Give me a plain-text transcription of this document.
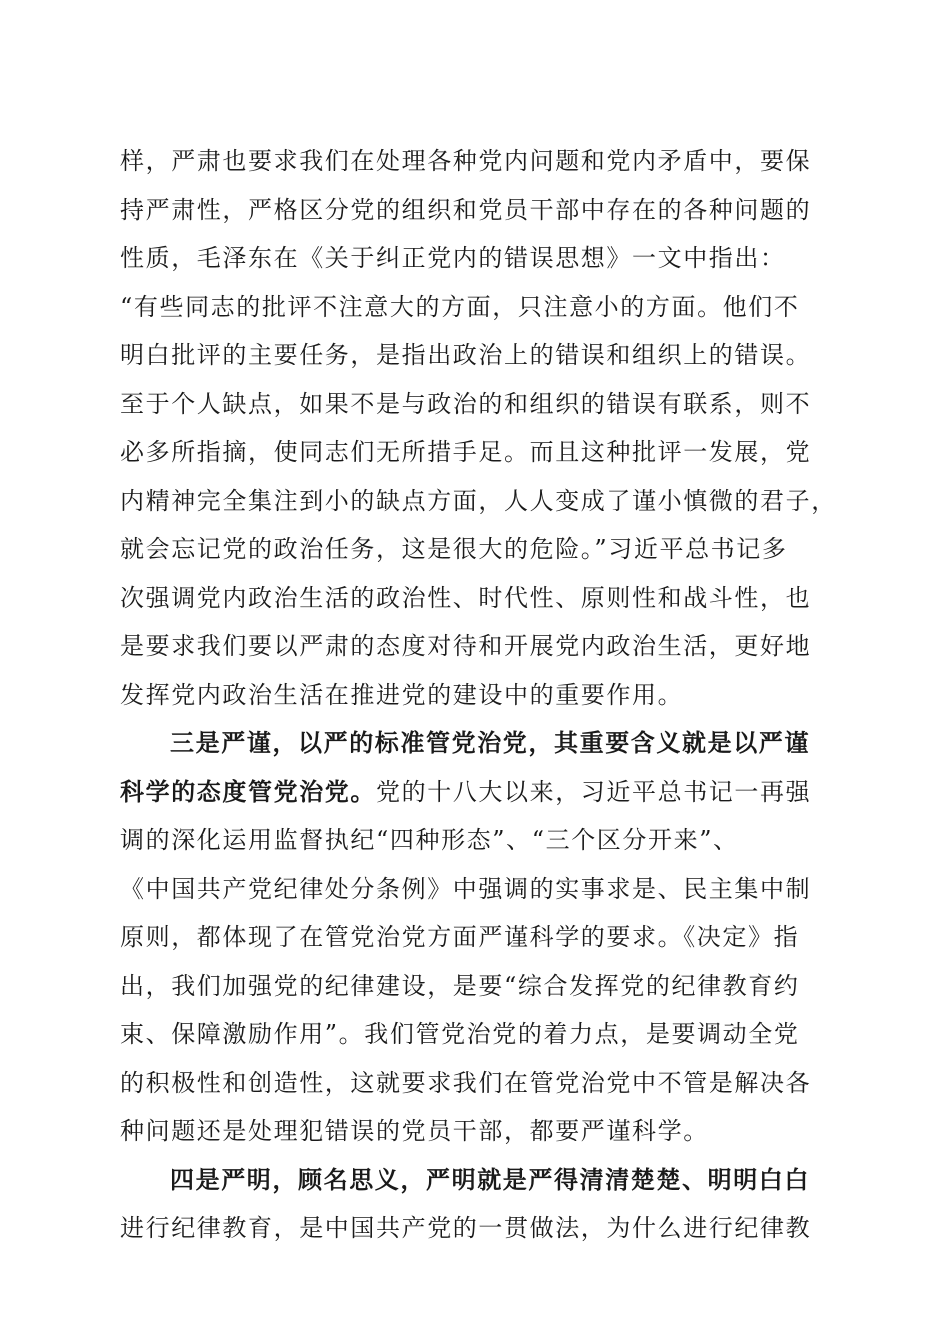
样，严肃也要求我们在处理各种党内问题和党内矛盾中，要保
持严肃性，严格区分党的组织和党员干部中存在的各种问题的
性质，毛泽东在《关于纠正党内的错误思想》一文中指出：
“有些同志的批评不注意大的方面，只注意小的方面。他们不
明白批评的主要任务，是指出政治上的错误和组织上的错误。
至于个人缺点，如果不是与政治的和组织的错误有联系，则不
必多所指摘，使同志们无所措手足。而且这种批评一发展，党
内精神完全集注到小的缺点方面，人人变成了谨小慎微的君子，
就会忘记党的政治任务，这是很大的危险。”习近平总书记多
次强调党内政治生活的政治性、时代性、原则性和战斗性，也
是要求我们要以严肃的态度对待和开展党内政治生活，更好地
发挥党内政治生活在推进党的建设中的重要作用。
三是严谨，以严的标准管党治党，其重要含义就是以严谨
科学的态度管党治党。党的十八大以来，习近平总书记一再强
调的深化运用监督执纪“四种形态”、“三个区分开来”、
《中国共产党纪律处分条例》中强调的实事求是、民主集中制
原则，都体现了在管党治党方面严谨科学的要求。《决定》指
出，我们加强党的纪律建设，是要“综合发挥党的纪律教育约
束、保障激励作用”。我们管党治党的着力点，是要调动全党
的积极性和创造性，这就要求我们在管党治党中不管是解决各
种问题还是处理犯错误的党员干部，都要严谨科学。
四是严明，顾名思义，严明就是严得清清楚楚、明明白白
进行纪律教育，是中国共产党的一贯做法，为什么进行纪律教
